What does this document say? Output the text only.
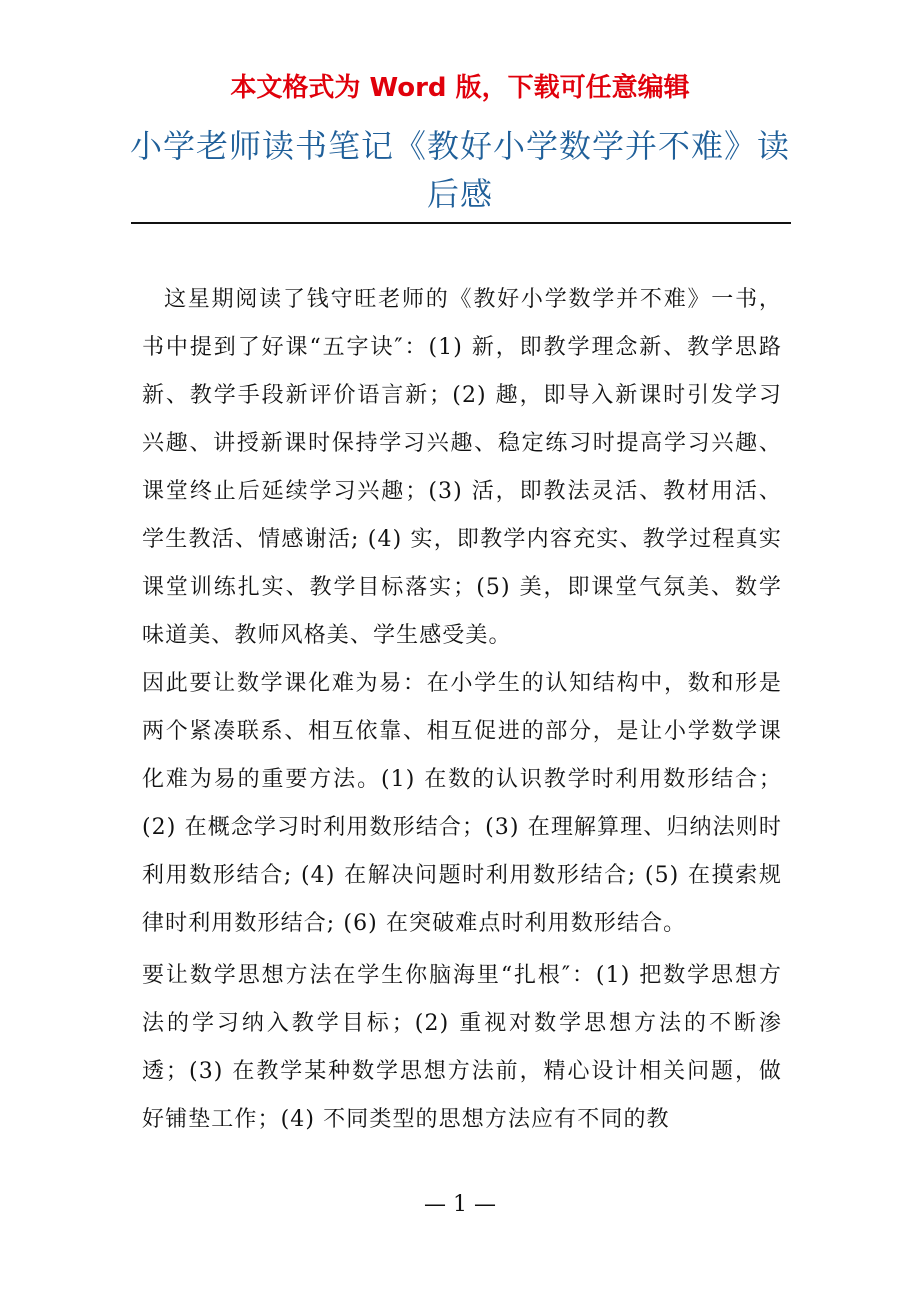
本文格式为 Word 版，下载可任意编辑
小学老师读书笔记《教好小学数学并不难》读后感

这星期阅读了钱守旺老师的《教好小学数学并不难》一书，书中提到了好课“五字诀″：(1) 新，即教学理念新、教学思路新、教学手段新评价语言新；(2) 趣，即导入新课时引发学习兴趣、讲授新课时保持学习兴趣、稳定练习时提高学习兴趣、课堂终止后延续学习兴趣；(3) 活，即教法灵活、教材用活、学生教活、情感谢活; (4) 实，即教学内容充实、教学过程真实课堂训练扎实、教学目标落实；(5) 美，即课堂气氛美、数学味道美、教师风格美、学生感受美。

因此要让数学课化难为易：在小学生的认知结构中，数和形是两个紧凑联系、相互依靠、相互促进的部分，是让小学数学课化难为易的重要方法。(1) 在数的认识教学时利用数形结合；(2) 在概念学习时利用数形结合；(3) 在理解算理、归纳法则时利用数形结合; (4) 在解决问题时利用数形结合; (5) 在摸索规律时利用数形结合; (6) 在突破难点时利用数形结合。

要让数学思想方法在学生你脑海里“扎根″：(1) 把数学思想方法的学习纳入教学目标；(2) 重视对数学思想方法的不断渗透；(3) 在教学某种数学思想方法前，精心设计相关问题，做好铺垫工作；(4) 不同类型的思想方法应有不同的教

— 1 —
